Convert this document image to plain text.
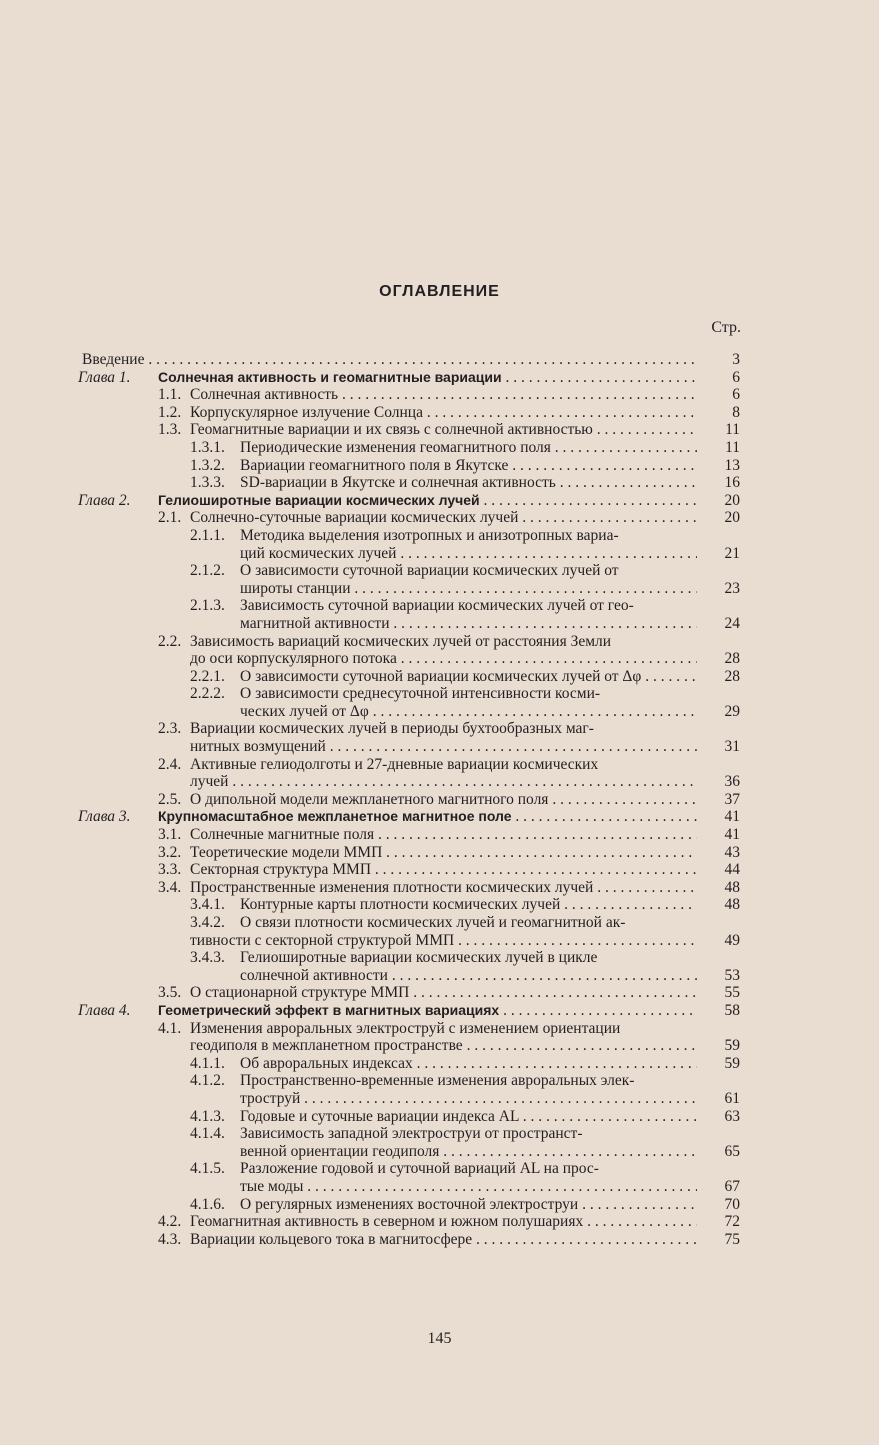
ОГЛАВЛЕНИЕ
Стр.
Введение . . .	3
Глава 1. Солнечная активность и геомагнитные вариации . . .	6
1.1. Солнечная активность . . .	6
1.2. Корпускулярное излучение Солнца . . .	8
1.3. Геомагнитные вариации и их связь с солнечной активностью . . .	11
1.3.1. Периодические изменения геомагнитного поля . . .	11
1.3.2. Вариации геомагнитного поля в Якутске . . .	13
1.3.3. SD-вариации в Якутске и солнечная активность . . .	16
Глава 2. Гелиоширотные вариации космических лучей . . .	20
2.1. Солнечно-суточные вариации космических лучей . . .	20
2.1.1. Методика выделения изотропных и анизотропных вариа-
ций космических лучей . . .	21
2.1.2. О зависимости суточной вариации космических лучей от
широты станции . . .	23
2.1.3. Зависимость суточной вариации космических лучей от гео-
магнитной активности . . .	24
2.2. Зависимость вариаций космических лучей от расстояния Земли
до оси корпускулярного потока . . .	28
2.2.1. О зависимости суточной вариации космических лучей от Δφ . . .	28
2.2.2. О зависимости среднесуточной интенсивности косми-
ческих лучей от Δφ . . .	29
2.3. Вариации космических лучей в периоды бухтообразных маг-
нитных возмущений . . .	31
2.4. Активные гелиодолготы и 27-дневные вариации космических
лучей . . .	36
2.5. О дипольной модели межпланетного магнитного поля . . .	37
Глава 3. Крупномасштабное межпланетное магнитное поле . . .	41
3.1. Солнечные магнитные поля . . .	41
3.2. Теоретические модели ММП . . .	43
3.3. Секторная структура ММП . . .	44
3.4. Пространственные изменения плотности космических лучей . . .	48
3.4.1. Контурные карты плотности космических лучей . . .	48
3.4.2. О связи плотности космических лучей и геомагнитной ак-
тивности с секторной структурой ММП . . .	49
3.4.3. Гелиоширотные вариации космических лучей в цикле
солнечной активности . . .	53
3.5. О стационарной структуре ММП . . .	55
Глава 4. Геометрический эффект в магнитных вариациях . . .	58
4.1. Изменения авроральных электроструй с изменением ориентации
геодиполя в межпланетном пространстве . . .	59
4.1.1. Об авроральных индексах . . .	59
4.1.2. Пространственно-временные изменения авроральных элек-
троструй . . .	61
4.1.3. Годовые и суточные вариации индекса AL . . .	63
4.1.4. Зависимость западной электроструи от пространст-
венной ориентации геодиполя . . .	65
4.1.5. Разложение годовой и суточной вариаций AL на прос-
тые моды . . .	67
4.1.6. О регулярных изменениях восточной электроструи . . .	70
4.2. Геомагнитная активность в северном и южном полушариях . . .	72
4.3. Вариации кольцевого тока в магнитосфере . . .	75
145
